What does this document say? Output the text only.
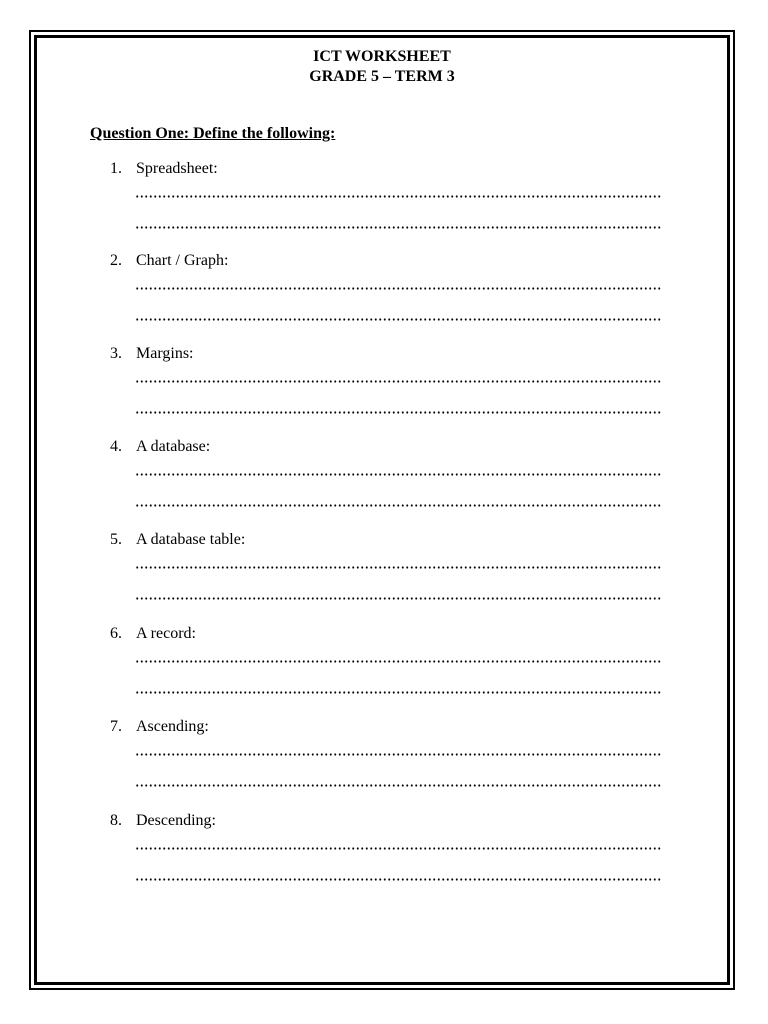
ICT WORKSHEET
GRADE 5 – TERM 3
Question One: Define the following:
1. Spreadsheet:
2. Chart / Graph:
3. Margins:
4. A database:
5. A database table:
6. A record:
7. Ascending:
8. Descending:
